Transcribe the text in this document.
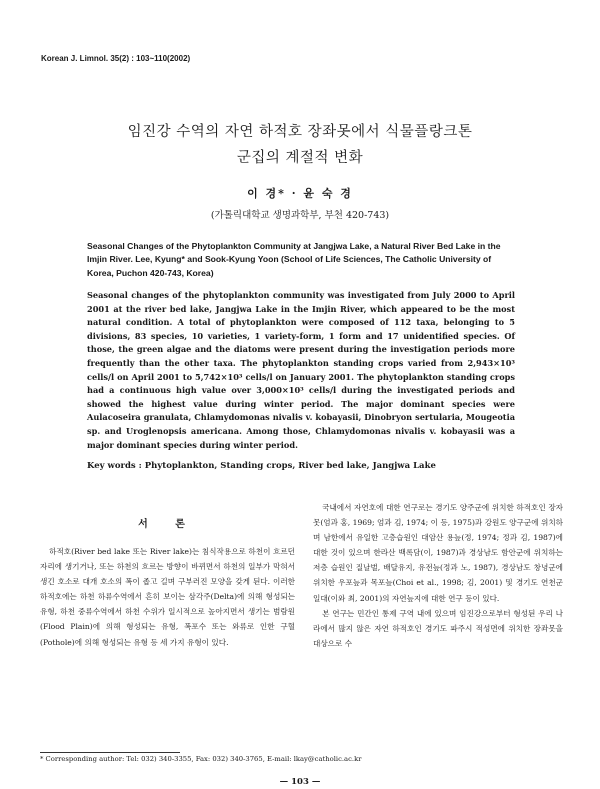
Korean J. Limnol. 35(2) : 103~110(2002)
임진강 수역의 자연 하적호 장좌못에서 식물플랑크톤
군집의 계절적 변화
이 경* · 윤 숙 경
(가톨릭대학교 생명과학부, 부천 420-743)
Seasonal Changes of the Phytoplankton Community at Jangjwa Lake, a Natural River Bed Lake in the Imjin River. Lee, Kyung* and Sook-Kyung Yoon (School of Life Sciences, The Catholic University of Korea, Puchon 420-743, Korea)

Seasonal changes of the phytoplankton community was investigated from July 2000 to April 2001 at the river bed lake, Jangjwa Lake in the Imjin River, which appeared to be the most natural condition. A total of phytoplankton were composed of 112 taxa, belonging to 5 divisions, 83 species, 10 varieties, 1 variety-form, 1 form and 17 unidentified species. Of those, the green algae and the diatoms were present during the investigation periods more frequently than the other taxa. The phytoplankton standing crops varied from 2,943×10³ cells/l on April 2001 to 5,742×10³ cells/l on January 2001. The phytoplankton standing crops had a continuous high value over 3,000×10³ cells/l during the investigated periods and showed the highest value during winter period. The major dominant species were Aulacoseira granulata, Chlamydomonas nivalis v. kobayasii, Dinobryon sertularia, Mougeotia sp. and Uroglenopsis americana. Among those, Chlamydomonas nivalis v. kobayasii was a major dominant species during winter period.

Key words : Phytoplankton, Standing crops, River bed lake, Jangjwa Lake
서 론

하적호(River bed lake 또는 River lake)는 침식작용으로 하천이 흐르던 자리에 생기거나, 또는 하천의 흐르는 방향이 바뀌면서 하천의 일부가 막혀서 생긴 호소로 대개 호소의 폭이 좁고 길며 구부러진 모양을 갖게 된다. 이러한 하적호에는 하천 하류수역에서 흔히 보이는 삼각주(Delta)에 의해 형성되는 유형, 하천 중류수역에서 하천 수위가 일시적으로 높아지면서 생기는 범람원(Flood Plain)에 의해 형성되는 유형, 폭포수 또는 와류로 인한 구혈(Pothole)에 의해 형성되는 유형 등 세 가지 유형이 있다.

국내에서 자연호에 대한 연구로는 경기도 양주군에 위치한 하적호인 장자못(엄과 홍, 1969; 엄과 김, 1974; 이 등, 1975)과 강원도 양구군에 위치하며 남한에서 유일한 고층습원인 대암산 용늪(정, 1974; 정과 김, 1987)에 대한 것이 있으며 한라산 백록담(이, 1987)과 경상남도 함안군에 위치하는 저층 습원인 질날벌, 배달유지, 유전늪(정과 노, 1987), 경상남도 창녕군에 위치한 우포늪과 목포늪(Choi et al., 1998; 김, 2001) 및 경기도 연천군 일대(이와 최, 2001)의 자연늪지에 대한 연구 등이 있다.

본 연구는 민간인 통제 구역 내에 있으며 임진강으로부터 형성된 우리 나라에서 많지 않은 자연 하적호인 경기도 파주시 적성면에 위치한 장좌못을 대상으로 수

* Corresponding author: Tel: 032) 340-3355, Fax: 032) 340-3765, E-mail: lkay@catholic.ac.kr
— 103 —
